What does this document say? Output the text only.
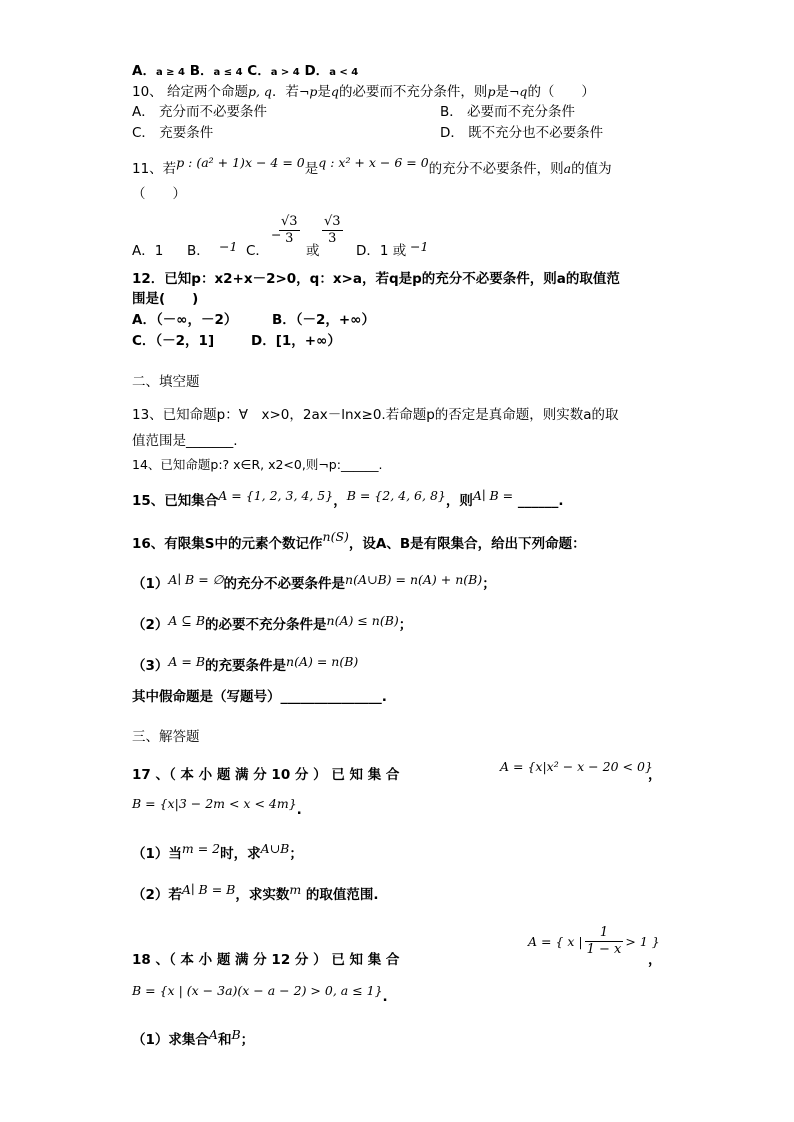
A．a ≥ 4 B．a ≤ 4 C．a > 4 D．a < 4
10、 给定两个命题p, q．若¬p是q的必要而不充分条件，则p是¬q的（　　）
A． 充分而不必要条件	B． 必要而不充分条件
C． 充要条件	D． 既不充分也不必要条件
11、若p : (a² + 1)x − 4 = 0是q : x² + x − 6 = 0的充分不必要条件，则a的值为
（　　）
A．1 B． −1 C．
−
$\frac{√3}{3}$
或
$\frac{√3}{3}$
D．1 或 −1
12．已知p：x2+x－2>0，q：x>a，若q是p的充分不必要条件，则a的取值范
围是(　　)
A．（－∞，－2）	B．（－2，+∞）
C．（－2，1]	D．[1，+∞）
二、填空题
13、已知命题p：∀　x>0，2ax－lnx≥0.若命题p的否定是真命题，则实数a的取
值范围是_______.
14、已知命题p:? x∈R, x2<0,则¬p:______.
15、已知集合A = {1, 2, 3, 4, 5}，B = {2, 4, 6, 8}，则A∣ B = ______.
16、有限集S中的元素个数记作n(S)，设A、B是有限集合，给出下列命题：
（1）A∣ B = ∅的充分不必要条件是n(A∪B) = n(A) + n(B)；
（2）A ⊆ B的必要不充分条件是n(A) ≤ n(B)；
（3）A = B的充要条件是n(A) = n(B)
其中假命题是（写题号）_______________.
三、解答题
17 、（ 本 小 题 满 分 10 分 ） 已 知 集 合
A = {x|x² − x − 20 < 0}
，
B = {x|3 − 2m < x < 4m}.
（1）当m = 2时，求A∪B；
（2）若A∣ B = B，求实数m 的取值范围.
18 、（ 本 小 题 满 分 12 分 ） 已 知 集 合
A = { x | $\frac{1}{1 - x} > 1$ }
，
B = {x | (x − 3a)(x − a − 2) > 0, a ≤ 1}.
（1）求集合A和B；
